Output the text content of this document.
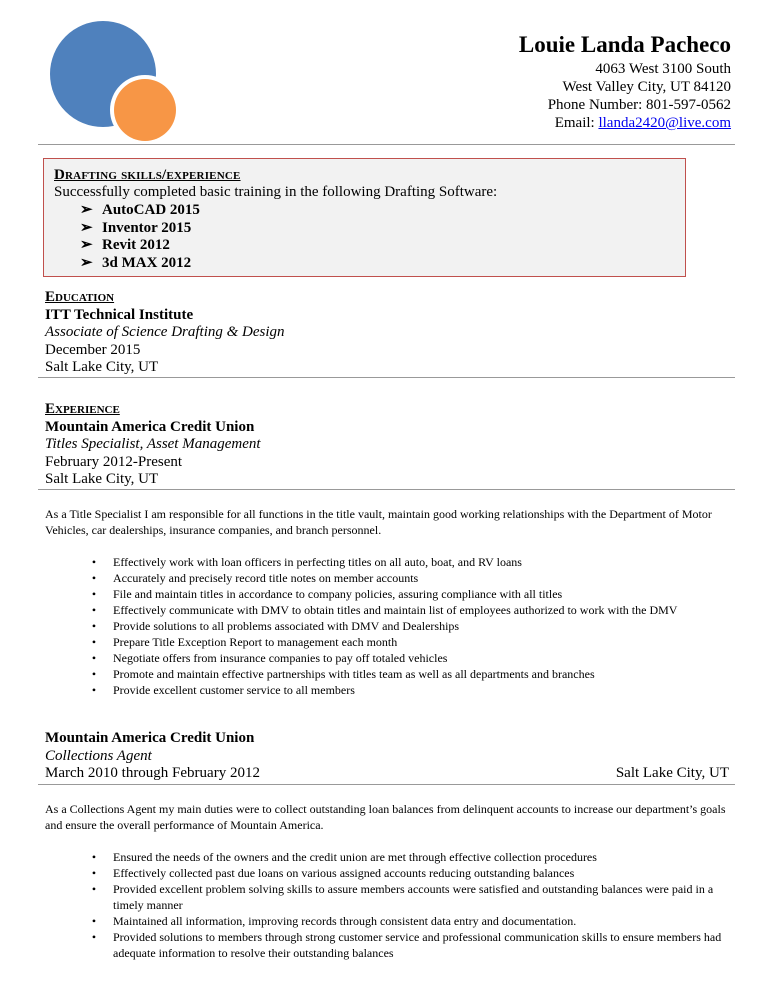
Louie Landa Pacheco
4063 West 3100 South
West Valley City, UT 84120
Phone Number: 801-597-0562
Email: llanda2420@live.com
Drafting skills/experience
Successfully completed basic training in the following Drafting Software:
➢ AutoCAD 2015
➢ Inventor 2015
➢ Revit 2012
➢ 3d MAX 2012
Education
ITT Technical Institute
Associate of Science Drafting & Design
December 2015
Salt Lake City, UT
Experience
Mountain America Credit Union
Titles Specialist, Asset Management
February 2012-Present
Salt Lake City, UT
As a Title Specialist I am responsible for all functions in the title vault, maintain good working relationships with the Department of Motor Vehicles, car dealerships, insurance companies, and branch personnel.
• Effectively work with loan officers in perfecting titles on all auto, boat, and RV loans
• Accurately and precisely record title notes on member accounts
• File and maintain titles in accordance to company policies, assuring compliance with all titles
• Effectively communicate with DMV to obtain titles and maintain list of employees authorized to work with the DMV
• Provide solutions to all problems associated with DMV and Dealerships
• Prepare Title Exception Report to management each month
• Negotiate offers from insurance companies to pay off totaled vehicles
• Promote and maintain effective partnerships with titles team as well as all departments and branches
• Provide excellent customer service to all members
Mountain America Credit Union
Collections Agent
March 2010 through February 2012	Salt Lake City, UT
As a Collections Agent my main duties were to collect outstanding loan balances from delinquent accounts to increase our department’s goals and ensure the overall performance of Mountain America.
• Ensured the needs of the owners and the credit union are met through effective collection procedures
• Effectively collected past due loans on various assigned accounts reducing outstanding balances
• Provided excellent problem solving skills to assure members accounts were satisfied and outstanding balances were paid in a timely manner
• Maintained all information, improving records through consistent data entry and documentation.
• Provided solutions to members through strong customer service and professional communication skills to ensure members had adequate information to resolve their outstanding balances
